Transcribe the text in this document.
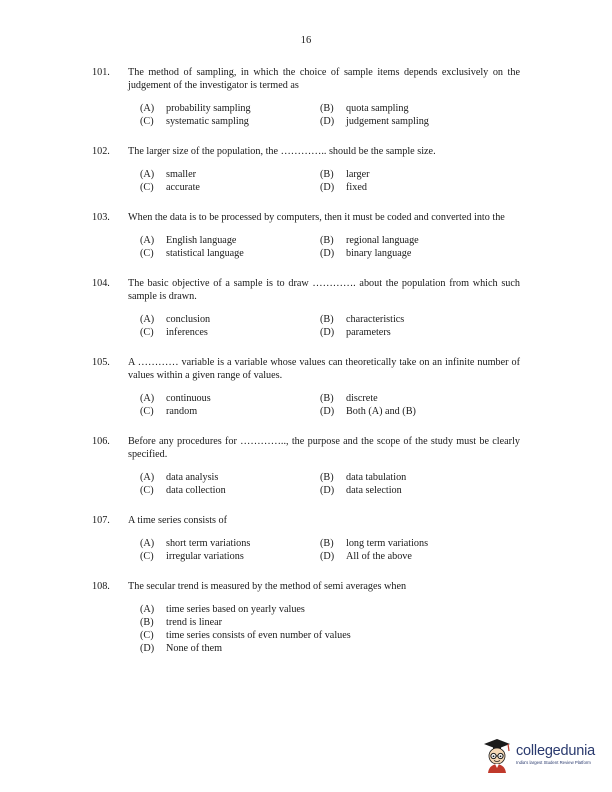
16
101.	The method of sampling, in which the choice of sample items depends exclusively on the judgement of the investigator is termed as
(A)	probability sampling	(B)	quota sampling
(C)	systematic sampling	(D)	judgement sampling
102.	The larger size of the population, the ………….. should be the sample size.
(A)	smaller	(B)	larger
(C)	accurate	(D)	fixed
103.	When the data is to be processed by computers, then it must be coded and converted into the
(A)	English language	(B)	regional language
(C)	statistical language	(D)	binary language
104.	The basic objective of a sample is to draw …………. about the population from which such sample is drawn.
(A)	conclusion	(B)	characteristics
(C)	inferences	(D)	parameters
105.	A ………… variable is a variable whose values can theoretically take on an infinite number of values within a given range of values.
(A)	continuous	(B)	discrete
(C)	random	(D)	Both (A) and (B)
106.	Before any procedures for ………….., the purpose and the scope of the study must be clearly specified.
(A)	data analysis	(B)	data tabulation
(C)	data collection	(D)	data selection
107.	A time series consists of
(A)	short term variations	(B)	long term variations
(C)	irregular variations	(D)	All of the above
108.	The secular trend is measured by the method of semi averages when
(A)	time series based on yearly values
(B)	trend is linear
(C)	time series consists of even number of values
(D)	None of them
collegedunia
India's largest Student Review Platform
